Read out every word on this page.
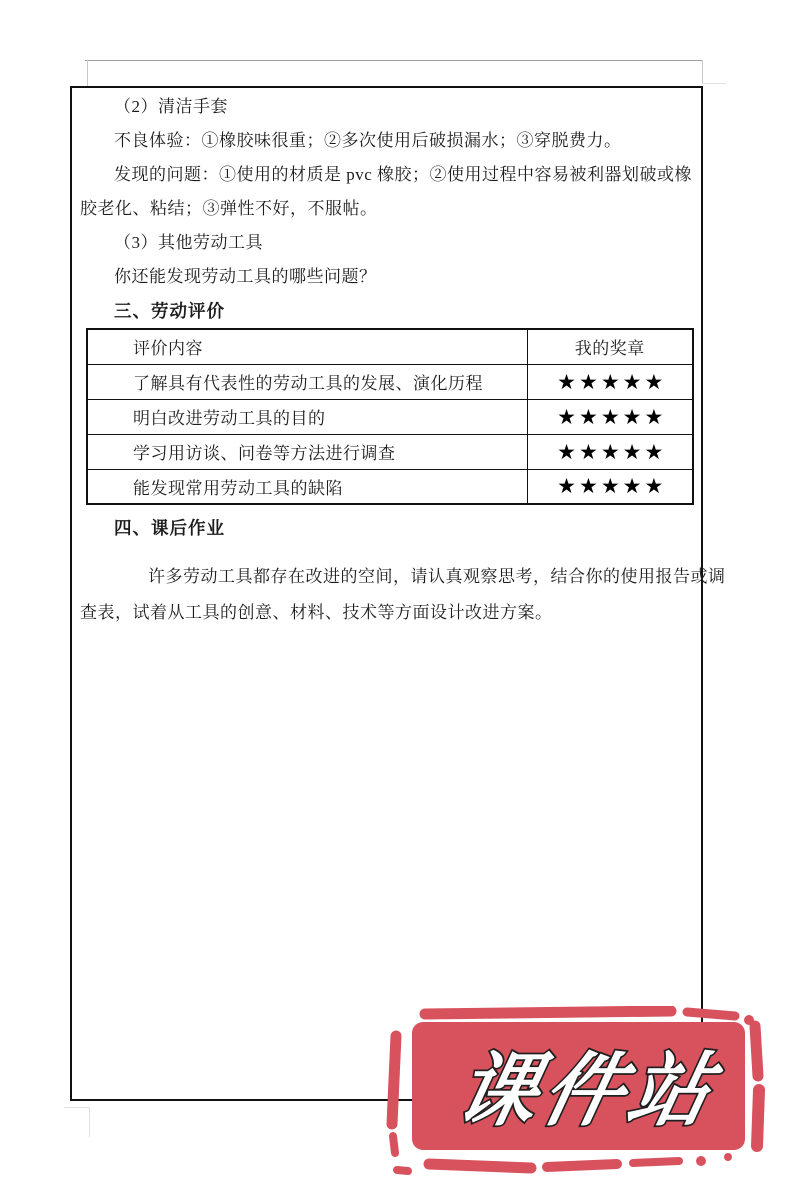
（2）清洁手套
不良体验：①橡胶味很重；②多次使用后破损漏水；③穿脱费力。
发现的问题：①使用的材质是 pvc 橡胶；②使用过程中容易被利器划破或橡
胶老化、粘结；③弹性不好，不服帖。
（3）其他劳动工具
你还能发现劳动工具的哪些问题？
三、劳动评价
评价内容	我的奖章
了解具有代表性的劳动工具的发展、演化历程	★★★★★
明白改进劳动工具的目的	★★★★★
学习用访谈、问卷等方法进行调查	★★★★★
能发现常用劳动工具的缺陷	★★★★★
四、课后作业
许多劳动工具都存在改进的空间，请认真观察思考，结合你的使用报告或调
查表，试着从工具的创意、材料、技术等方面设计改进方案。
课件站
